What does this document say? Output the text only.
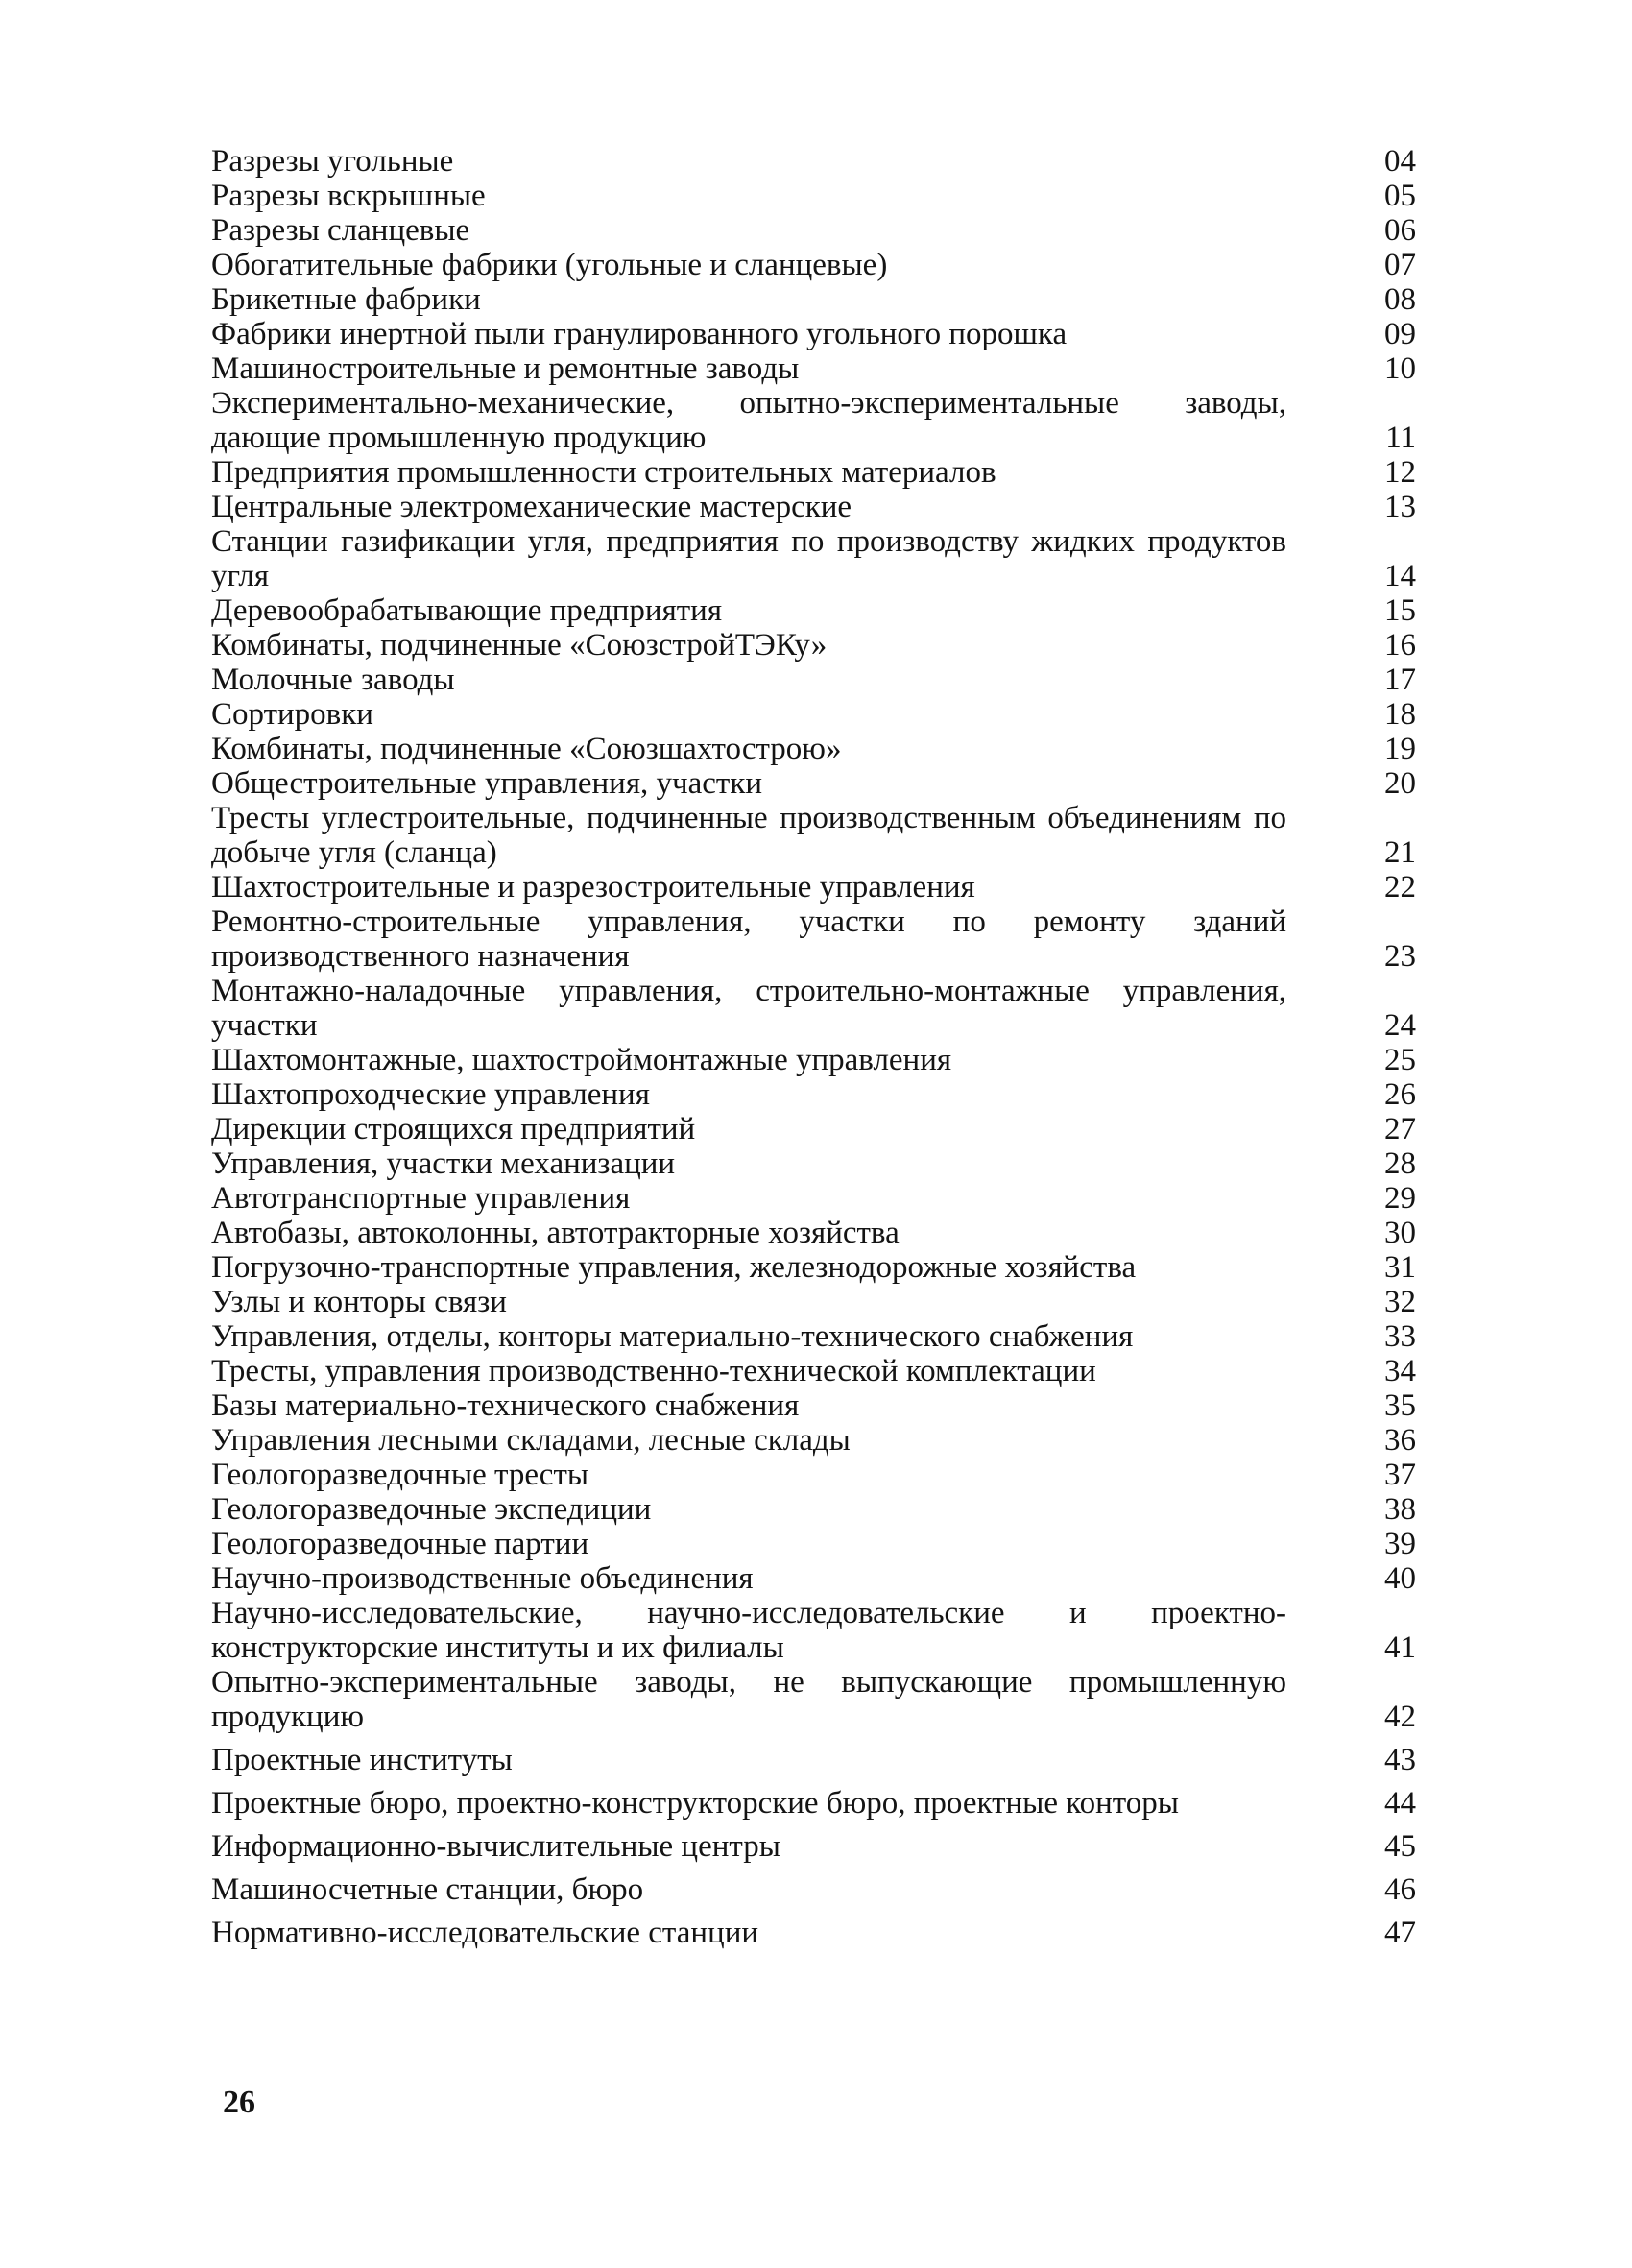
Разрезы угольные	04
Разрезы вскрышные	05
Разрезы сланцевые	06
Обогатительные фабрики (угольные и сланцевые)	07
Брикетные фабрики	08
Фабрики инертной пыли гранулированного угольного порошка	09
Машиностроительные и ремонтные заводы	10
Экспериментально-механические, опытно-экспериментальные заводы, дающие промышленную продукцию	11
Предприятия промышленности строительных материалов	12
Центральные электромеханические мастерские	13
Станции газификации угля, предприятия по производству жидких продуктов угля	14
Деревообрабатывающие предприятия	15
Комбинаты, подчиненные «СоюзстройТЭКу»	16
Молочные заводы	17
Сортировки	18
Комбинаты, подчиненные «Союзшахтострою»	19
Общестроительные управления, участки	20
Тресты углестроительные, подчиненные производственным объединениям по добыче угля (сланца)	21
Шахтостроительные и разрезостроительные управления	22
Ремонтно-строительные управления, участки по ремонту зданий производственного назначения	23
Монтажно-наладочные управления, строительно-монтажные управления, участки	24
Шахтомонтажные, шахтостроймонтажные управления	25
Шахтопроходческие управления	26
Дирекции строящихся предприятий	27
Управления, участки механизации	28
Автотранспортные управления	29
Автобазы, автоколонны, автотракторные хозяйства	30
Погрузочно-транспортные управления, железнодорожные хозяйства	31
Узлы и конторы связи	32
Управления, отделы, конторы материально-технического снабжения	33
Тресты, управления производственно-технической комплектации	34
Базы материально-технического снабжения	35
Управления лесными складами, лесные склады	36
Геологоразведочные тресты	37
Геологоразведочные экспедиции	38
Геологоразведочные партии	39
Научно-производственные объединения	40
Научно-исследовательские, научно-исследовательские и проектно-конструкторские институты и их филиалы	41
Опытно-экспериментальные заводы, не выпускающие промышленную продукцию	42
Проектные институты	43
Проектные бюро, проектно-конструкторские бюро, проектные конторы	44
Информационно-вычислительные центры	45
Машиносчетные станции, бюро	46
Нормативно-исследовательские станции	47
26
